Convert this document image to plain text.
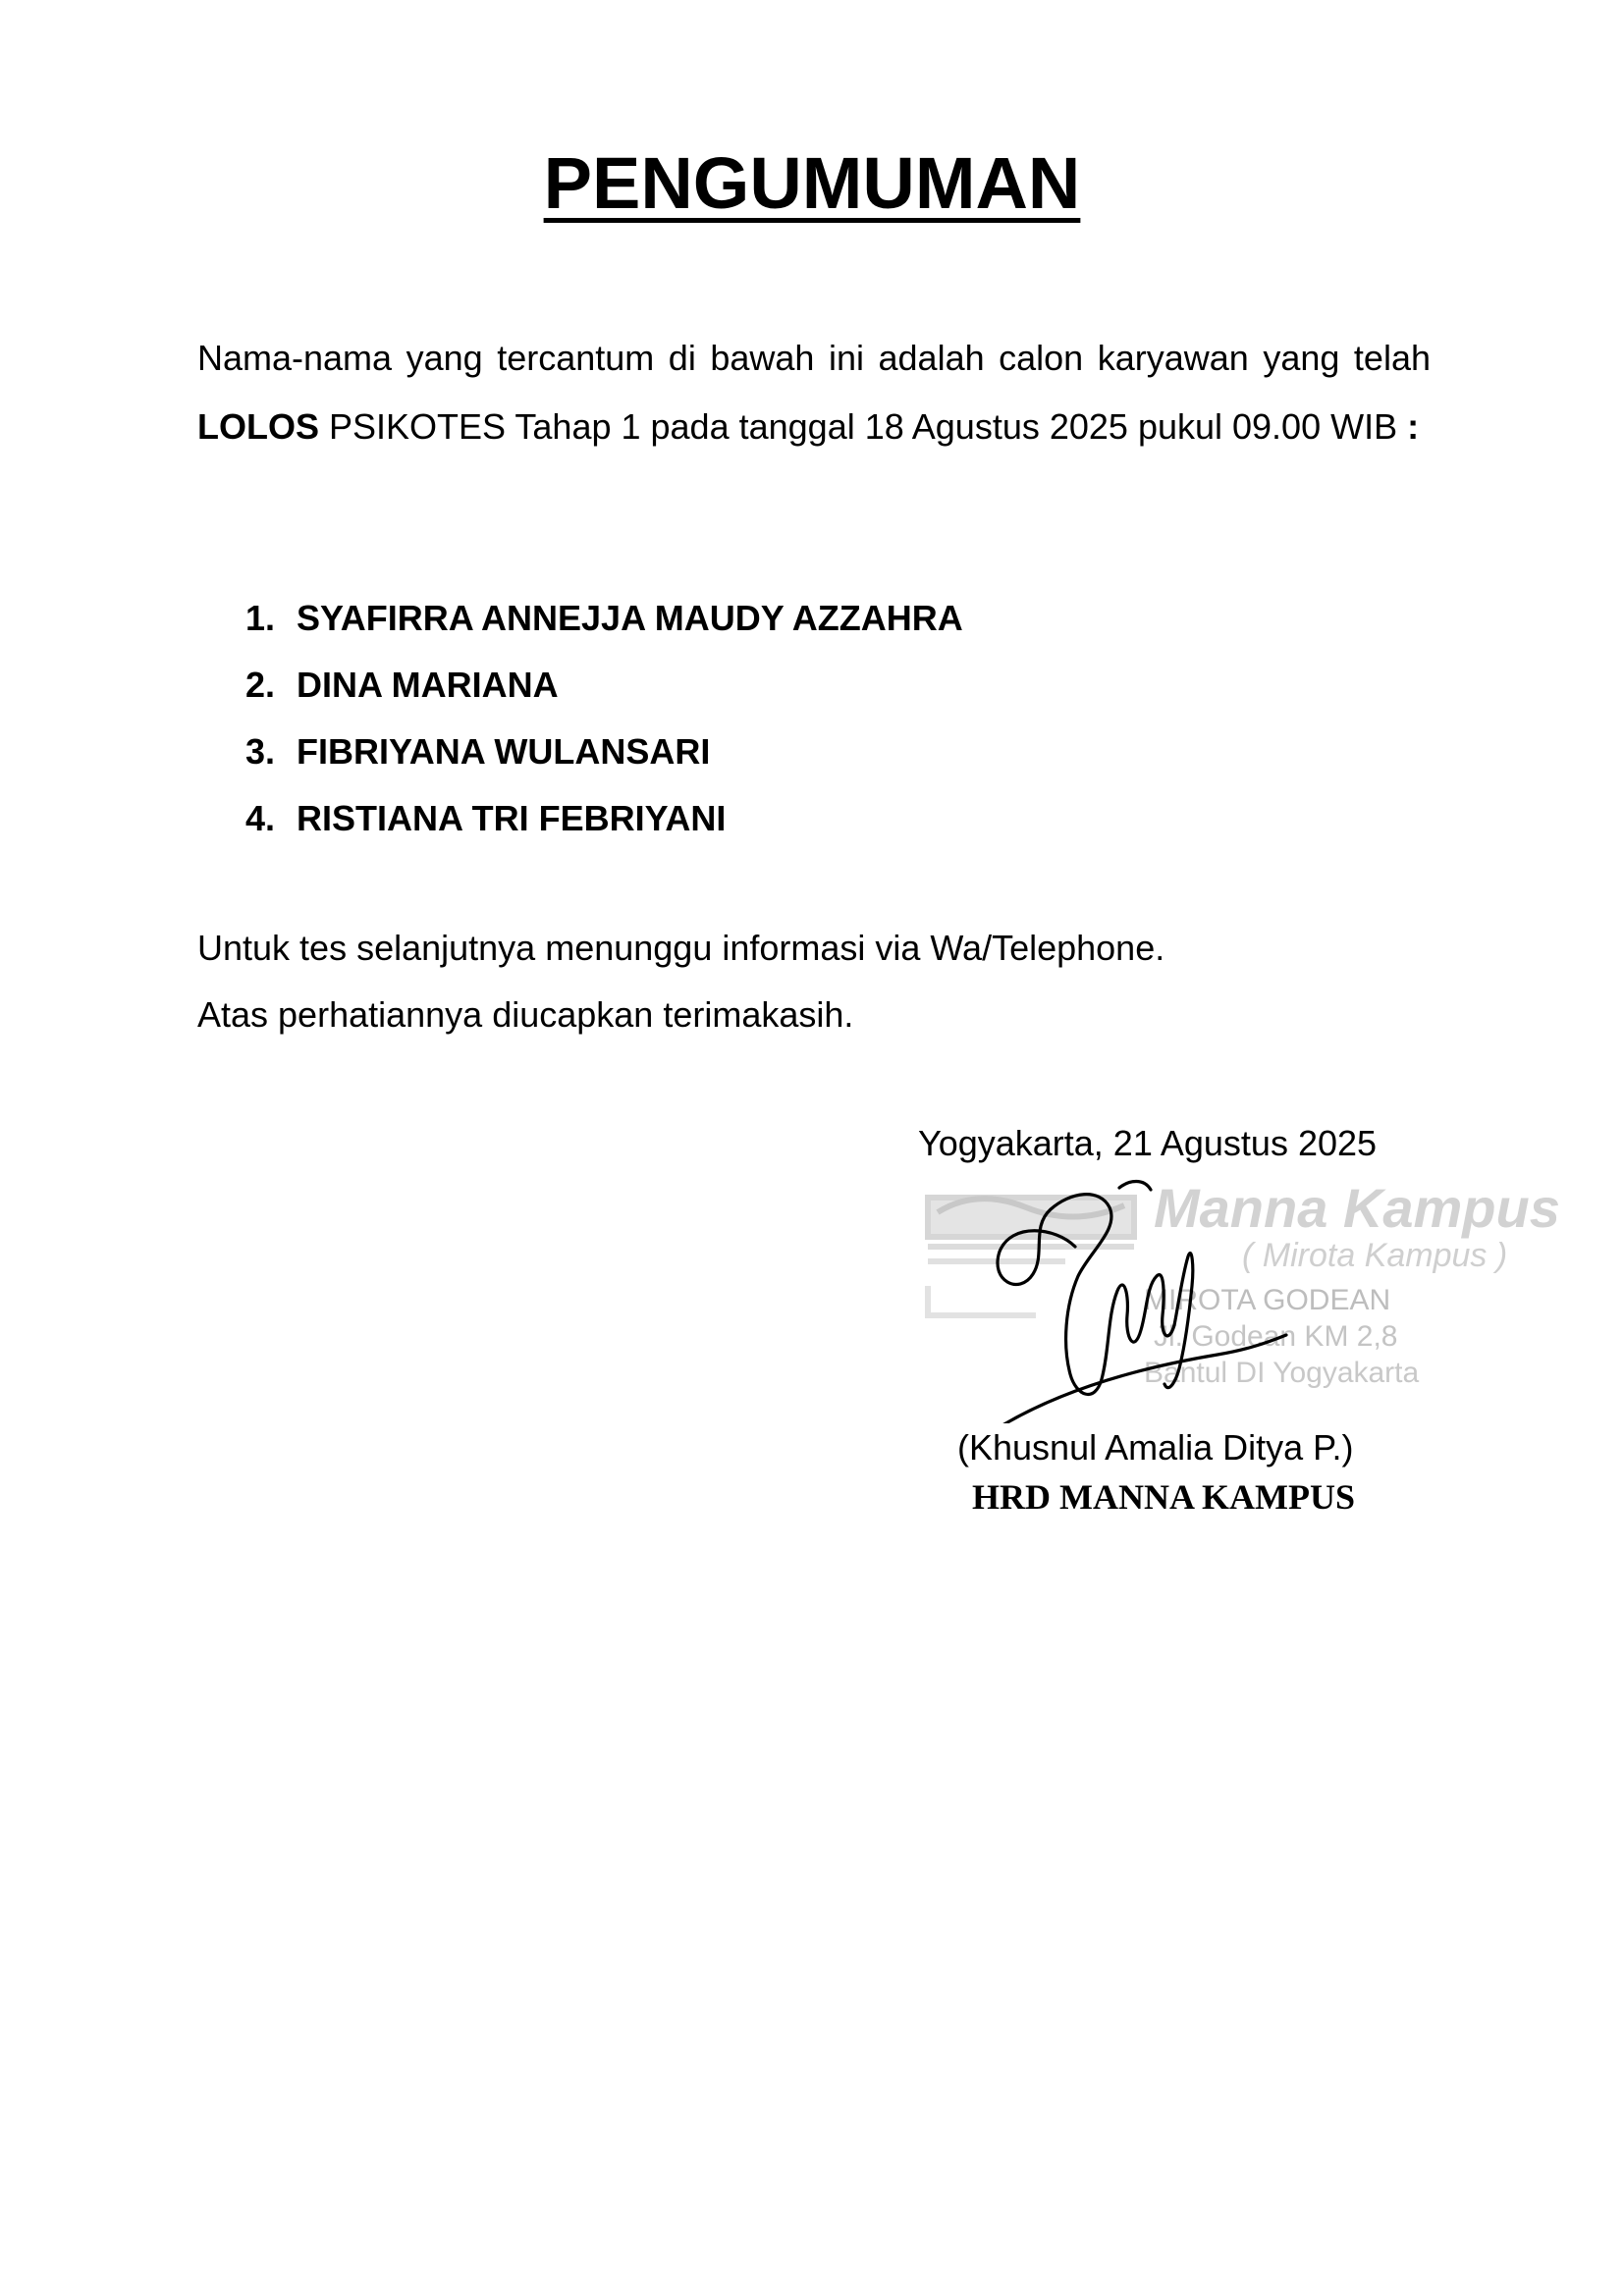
PENGUMUMAN

Nama-nama yang tercantum di bawah ini adalah calon karyawan yang telah LOLOS PSIKOTES Tahap 1 pada tanggal 18 Agustus 2025 pukul 09.00 WIB :

1. SYAFIRRA ANNEJJA MAUDY AZZAHRA
2. DINA MARIANA
3. FIBRIYANA WULANSARI
4. RISTIANA TRI FEBRIYANI
Untuk tes selanjutnya menunggu informasi via Wa/Telephone.
Atas perhatiannya diucapkan terimakasih.
Yogyakarta, 21 Agustus 2025
Manna Kampus
( Mirota Kampus )
MIROTA GODEAN
Jl. Godean KM 2,8
Bantul DI Yogyakarta
(Khusnul Amalia Ditya P.)
HRD MANNA KAMPUS
